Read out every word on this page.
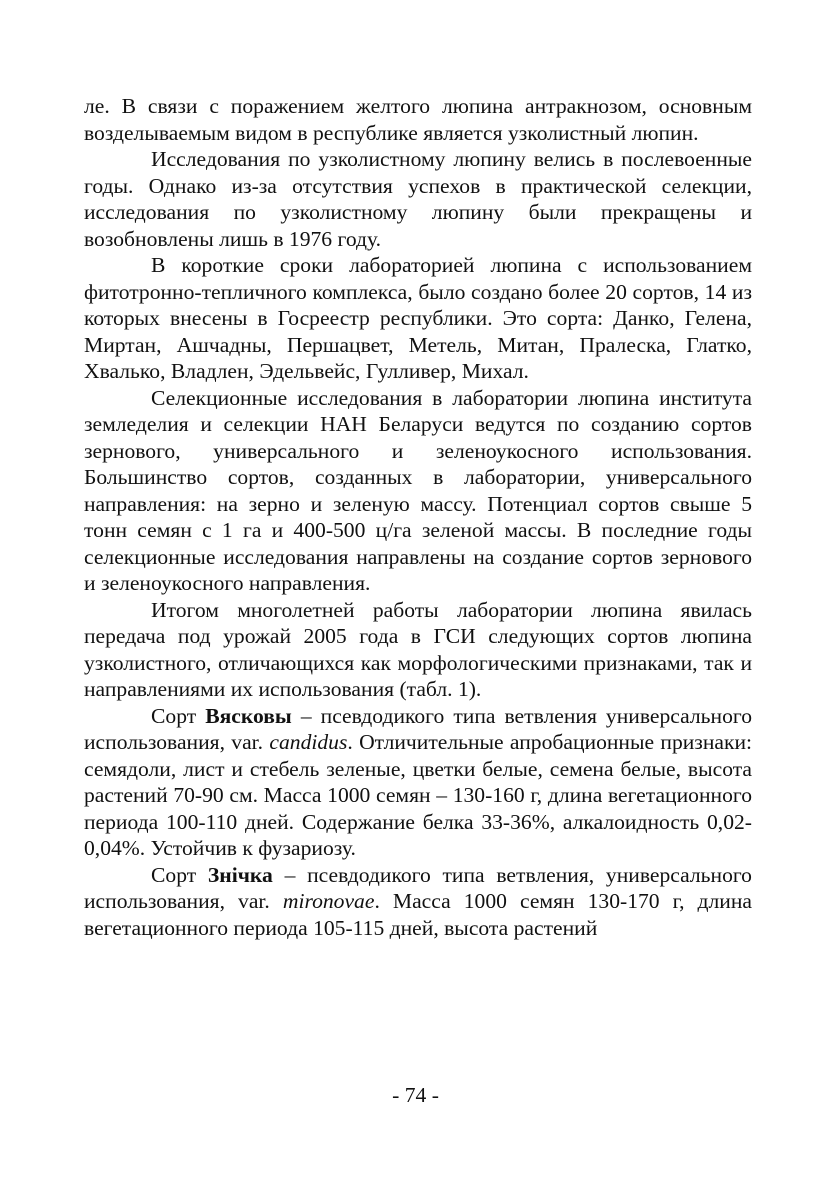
ле. В связи с поражением желтого люпина антракнозом, основным возделываемым видом в республике является узколистный люпин.

Исследования по узколистному люпину велись в послевоенные годы. Однако из-за отсутствия успехов в практической селекции, исследования по узколистному люпину были прекращены и возобновлены лишь в 1976 году.

В короткие сроки лабораторией люпина с использованием фитотронно-тепличного комплекса, было создано более 20 сортов, 14 из которых внесены в Госреестр республики. Это сорта: Данко, Гелена, Миртан, Ашчадны, Першацвет, Метель, Митан, Пралеска, Глатко, Хвалько, Владлен, Эдельвейс, Гулливер, Михал.

Селекционные исследования в лаборатории люпина института земледелия и селекции НАН Беларуси ведутся по созданию сортов зернового, универсального и зеленоукосного использования. Большинство сортов, созданных в лаборатории, универсального направления: на зерно и зеленую массу. Потенциал сортов свыше 5 тонн семян с 1 га и 400-500 ц/га зеленой массы. В последние годы селекционные исследования направлены на создание сортов зернового и зеленоукосного направления.

Итогом многолетней работы лаборатории люпина явилась передача под урожай 2005 года в ГСИ следующих сортов люпина узколистного, отличающихся как морфологическими признаками, так и направлениями их использования (табл. 1).

Сорт Вясковы – псевдодикого типа ветвления универсального использования, var. candidus. Отличительные апробационные признаки: семядоли, лист и стебель зеленые, цветки белые, семена белые, высота растений 70-90 см. Масса 1000 семян – 130-160 г, длина вегетационного периода 100-110 дней. Содержание белка 33-36%, алкалоидность 0,02-0,04%. Устойчив к фузариозу.

Сорт Знічка – псевдодикого типа ветвления, универсального использования, var. mironovae. Масса 1000 семян 130-170 г, длина вегетационного периода 105-115 дней, высота растений

- 74 -
